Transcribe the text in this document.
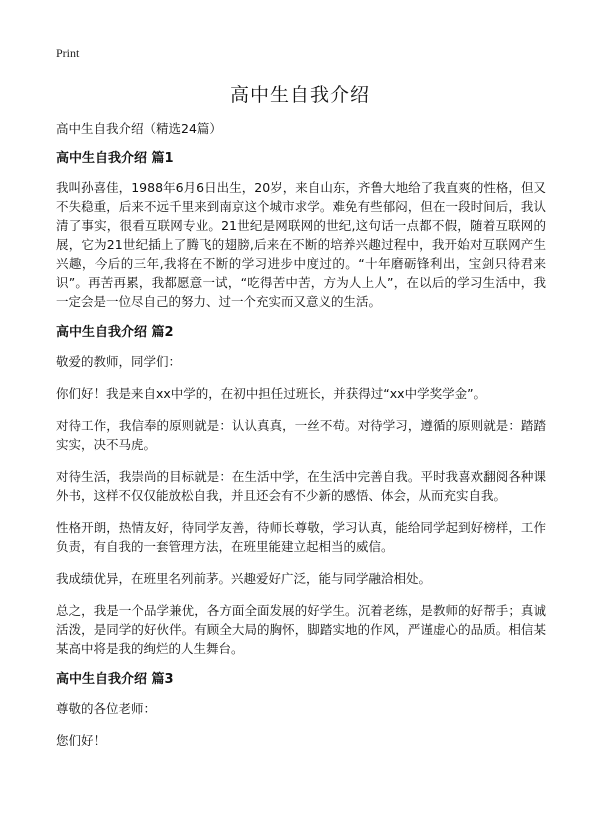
Print
高中生自我介绍

高中生自我介绍（精选24篇）

高中生自我介绍 篇1

我叫孙喜佳，1988年6月6日出生，20岁，来自山东，齐鲁大地给了我直爽的性格，但又不失稳重，后来不远千里来到南京这个城市求学。难免有些郁闷，但在一段时间后，我认清了事实，很看互联网专业。21世纪是网联网的世纪,这句话一点都不假，随着互联网的展，它为21世纪插上了腾飞的翅膀,后来在不断的培养兴趣过程中，我开始对互联网产生兴趣，今后的三年,我将在不断的学习进步中度过的。“十年磨砺锋利出，宝剑只待君来识”。再苦再累，我都愿意一试，“吃得苦中苦，方为人上人”，在以后的学习生活中，我一定会是一位尽自己的努力、过一个充实而又意义的生活。

高中生自我介绍 篇2

敬爱的教师，同学们：

你们好！我是来自xx中学的，在初中担任过班长，并获得过“xx中学奖学金”。

对待工作，我信奉的原则就是：认认真真，一丝不苟。对待学习，遵循的原则就是：踏踏实实，决不马虎。

对待生活，我崇尚的目标就是：在生活中学，在生活中完善自我。平时我喜欢翻阅各种课外书，这样不仅仅能放松自我，并且还会有不少新的感悟、体会，从而充实自我。

性格开朗，热情友好，待同学友善，待师长尊敬，学习认真，能给同学起到好榜样，工作负责，有自我的一套管理方法，在班里能建立起相当的威信。

我成绩优异，在班里名列前茅。兴趣爱好广泛，能与同学融洽相处。

总之，我是一个品学兼优，各方面全面发展的好学生。沉着老练，是教师的好帮手；真诚活泼，是同学的好伙伴。有顾全大局的胸怀，脚踏实地的作风，严谨虚心的品质。相信某某高中将是我的绚烂的人生舞台。

高中生自我介绍 篇3

尊敬的各位老师：

您们好！
